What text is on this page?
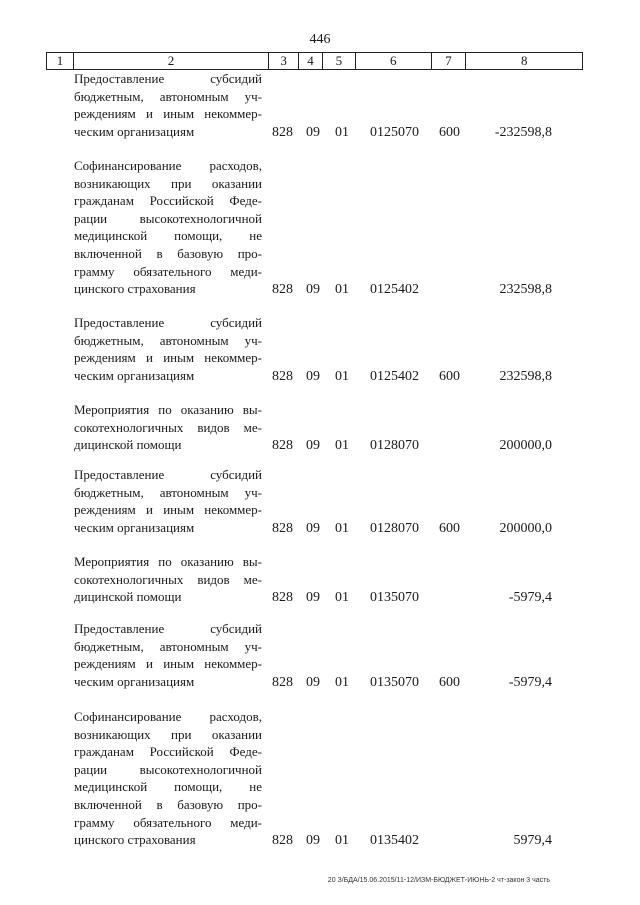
446
1	2	3	4	5	6	7	8
Предоставление субсидий
бюджетным, автономным уч-
реждениям и иным некоммер-
ческим организациям	828 09 01 0125070 600 -232598,8
Софинансирование расходов,
возникающих при оказании
гражданам Российской Феде-
рации высокотехнологичной
медицинской помощи, не
включенной в базовую про-
грамму обязательного меди-
цинского страхования	828 09 01 0125402	232598,8
Предоставление субсидий
бюджетным, автономным уч-
реждениям и иным некоммер-
ческим организациям	828 09 01 0125402 600	232598,8
Мероприятия по оказанию вы-
сокотехнологичных видов ме-
дицинской помощи	828 09 01 0128070	200000,0
Предоставление субсидий
бюджетным, автономным уч-
реждениям и иным некоммер-
ческим организациям	828 09 01 0128070 600	200000,0
Мероприятия по оказанию вы-
сокотехнологичных видов ме-
дицинской помощи	828 09 01 0135070	-5979,4
Предоставление субсидий
бюджетным, автономным уч-
реждениям и иным некоммер-
ческим организациям	828 09 01 0135070 600	-5979,4
Софинансирование расходов,
возникающих при оказании
гражданам Российской Феде-
рации высокотехнологичной
медицинской помощи, не
включенной в базовую про-
грамму обязательного меди-
цинского страхования	828 09 01 0135402	5979,4
20 З/БДА/15.06.2015/11-12/ИЗМ-БЮДЖЕТ-ИЮНЬ-2 чт-закон 3 часть
